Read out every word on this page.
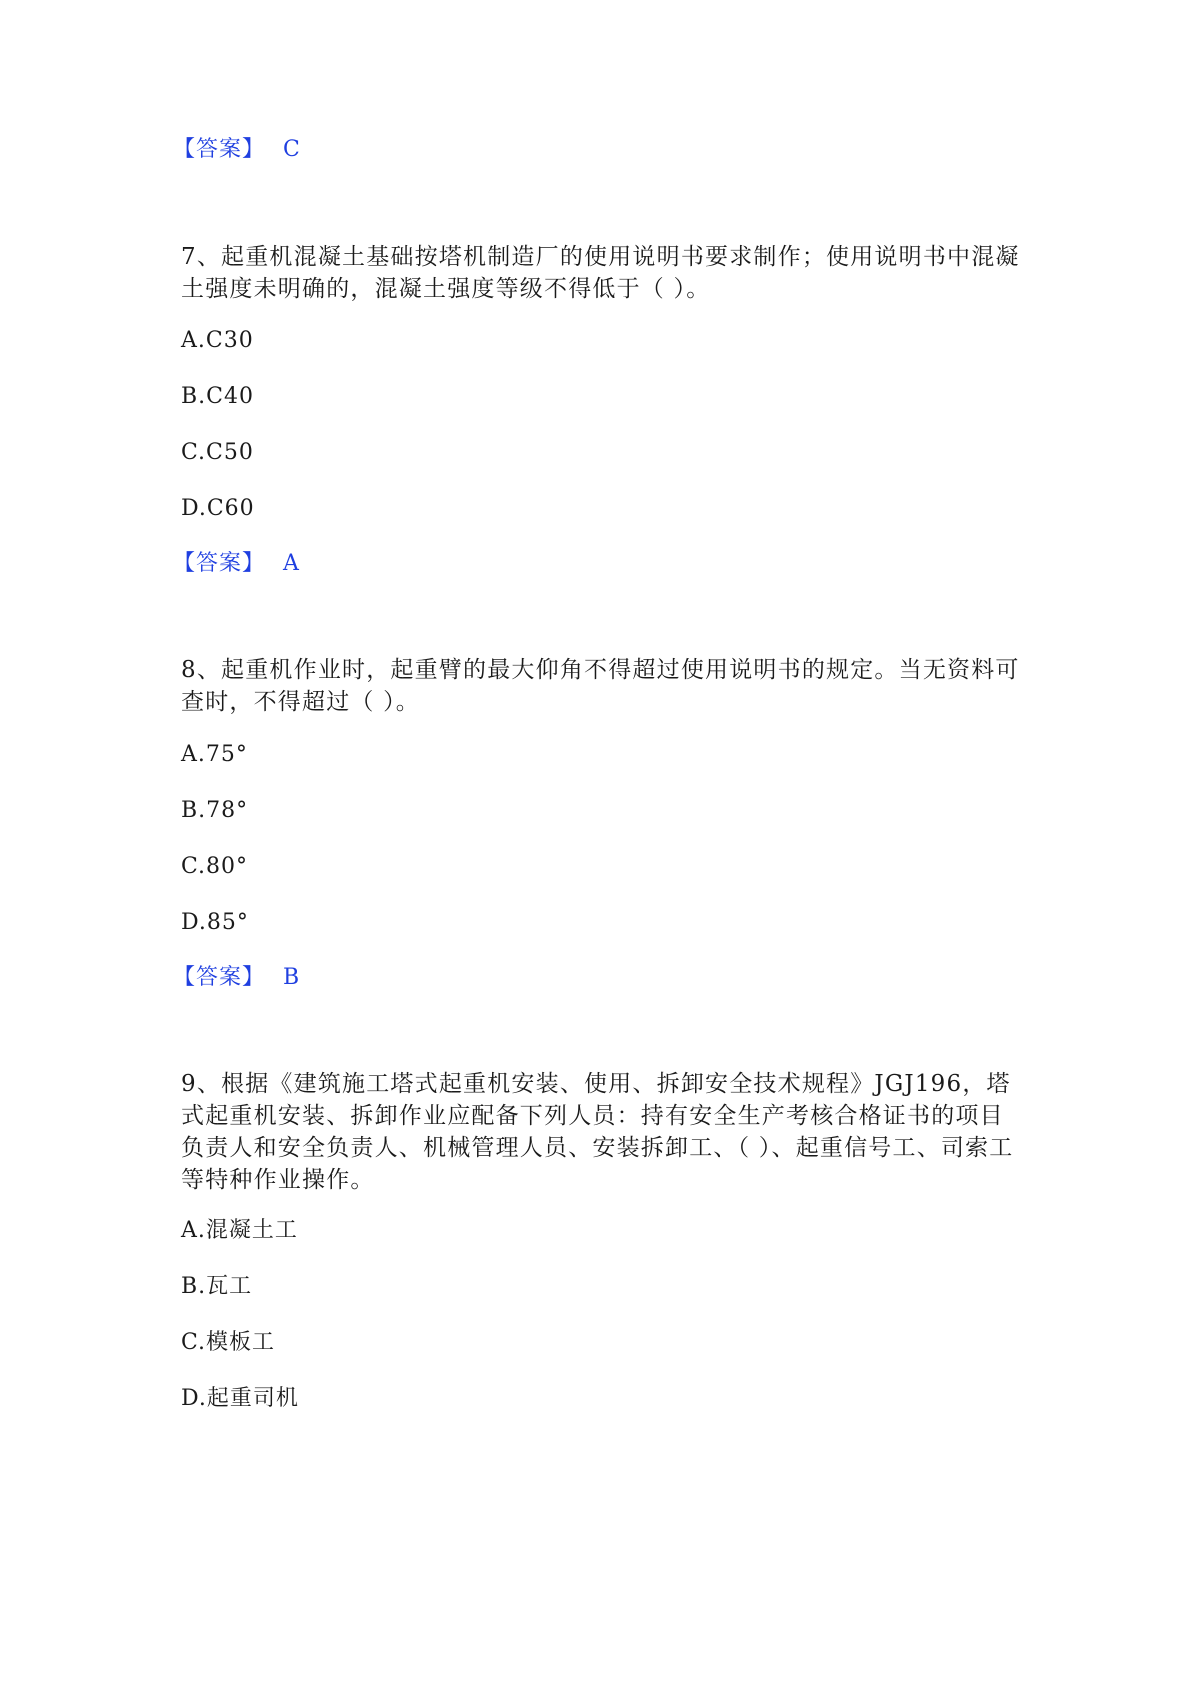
【答案】 C
7、起重机混凝土基础按塔机制造厂的使用说明书要求制作；使用说明书中混凝土强度未明确的，混凝土强度等级不得低于（ ）。
A.C30
B.C40
C.C50
D.C60
【答案】 A
8、起重机作业时，起重臂的最大仰角不得超过使用说明书的规定。当无资料可查时，不得超过（ ）。
A.75°
B.78°
C.80°
D.85°
【答案】 B
9、根据《建筑施工塔式起重机安装、使用、拆卸安全技术规程》JGJ196，塔式起重机安装、拆卸作业应配备下列人员：持有安全生产考核合格证书的项目负责人和安全负责人、机械管理人员、安装拆卸工、（ ）、起重信号工、司索工等特种作业操作。
A.混凝土工
B.瓦工
C.模板工
D.起重司机
